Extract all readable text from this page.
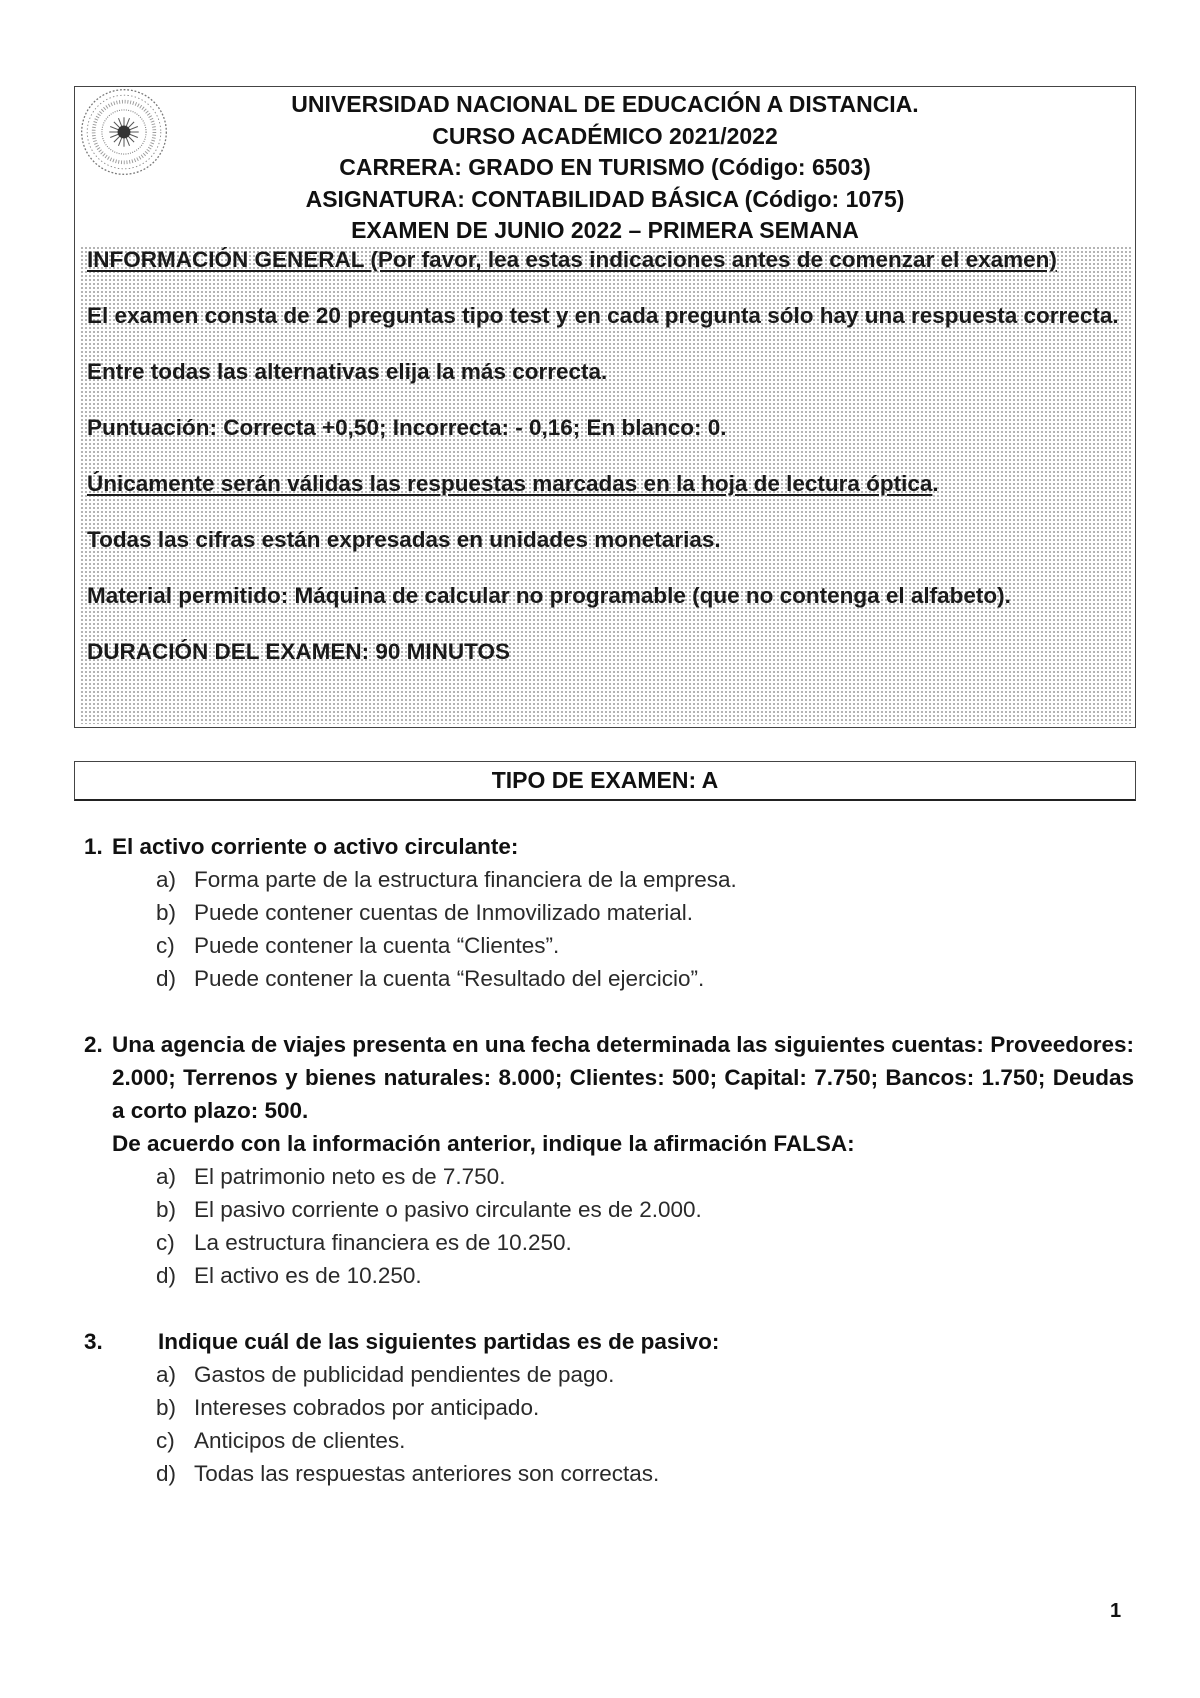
UNIVERSIDAD NACIONAL DE EDUCACIÓN A DISTANCIA.
CURSO ACADÉMICO 2021/2022
CARRERA: GRADO EN TURISMO (Código: 6503)
ASIGNATURA: CONTABILIDAD BÁSICA (Código: 1075)
EXAMEN DE JUNIO 2022 – PRIMERA SEMANA

INFORMACIÓN GENERAL (Por favor, lea estas indicaciones antes de comenzar el examen)

El examen consta de 20 preguntas tipo test y en cada pregunta sólo hay una respuesta correcta.

Entre todas las alternativas elija la más correcta.

Puntuación: Correcta +0,50; Incorrecta: - 0,16; En blanco: 0.

Únicamente serán válidas las respuestas marcadas en la hoja de lectura óptica.

Todas las cifras están expresadas en unidades monetarias.

Material permitido: Máquina de calcular no programable (que no contenga el alfabeto).

DURACIÓN DEL EXAMEN: 90 MINUTOS

TIPO DE EXAMEN: A
1. El activo corriente o activo circulante:
a) Forma parte de la estructura financiera de la empresa.
b) Puede contener cuentas de Inmovilizado material.
c) Puede contener la cuenta “Clientes”.
d) Puede contener la cuenta “Resultado del ejercicio”.
2. Una agencia de viajes presenta en una fecha determinada las siguientes cuentas: Proveedores: 2.000; Terrenos y bienes naturales: 8.000; Clientes: 500; Capital: 7.750; Bancos: 1.750; Deudas a corto plazo: 500.
De acuerdo con la información anterior, indique la afirmación FALSA:
a) El patrimonio neto es de 7.750.
b) El pasivo corriente o pasivo circulante es de 2.000.
c) La estructura financiera es de 10.250.
d) El activo es de 10.250.
3.	Indique cuál de las siguientes partidas es de pasivo:
a) Gastos de publicidad pendientes de pago.
b) Intereses cobrados por anticipado.
c) Anticipos de clientes.
d) Todas las respuestas anteriores son correctas.
1
